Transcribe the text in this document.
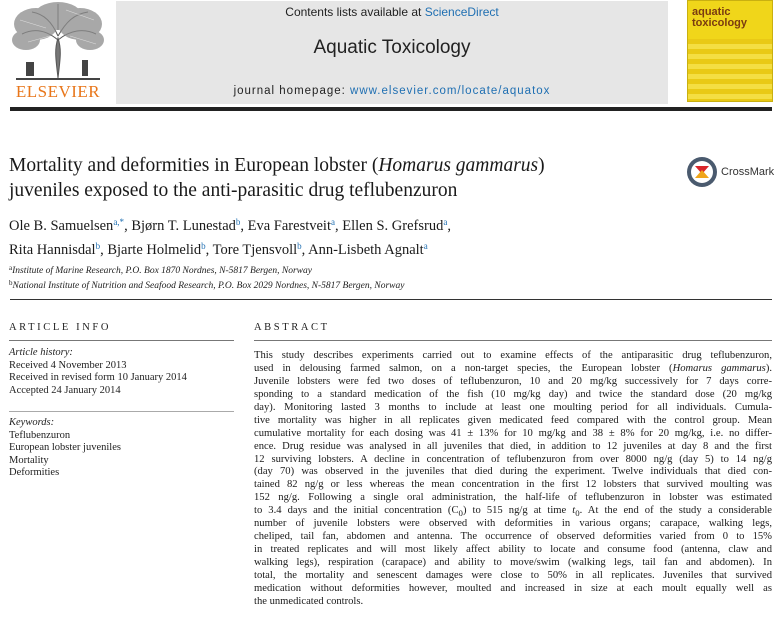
ELSEVIER
Contents lists available at ScienceDirect
Aquatic Toxicology
journal homepage: www.elsevier.com/locate/aquatox
aquatic
toxicology
Mortality and deformities in European lobster (Homarus gammarus)
juveniles exposed to the anti-parasitic drug teflubenzuron
CrossMark
Ole B. Samuelsen$^{a,*}$, Bjørn T. Lunestad$^b$, Eva Farestveit$^a$, Ellen S. Grefsrud$^a$,
Rita Hannisdal$^b$, Bjarte Holmelid$^b$, Tore Tjensvoll$^b$, Ann-Lisbeth Agnalt$^a$
$^a$Institute of Marine Research, P.O. Box 1870 Nordnes, N-5817 Bergen, Norway
$^b$National Institute of Nutrition and Seafood Research, P.O. Box 2029 Nordnes, N-5817 Bergen, Norway
ARTICLE INFO
Article history:
Received 4 November 2013
Received in revised form 10 January 2014
Accepted 24 January 2014
Keywords:
Teflubenzuron
European lobster juveniles
Mortality
Deformities
ABSTRACT
This study describes experiments carried out to examine effects of the antiparasitic drug teflubenzuron,
used in delousing farmed salmon, on a non-target species, the European lobster (Homarus gammarus).
Juvenile lobsters were fed two doses of teflubenzuron, 10 and 20 mg/kg successively for 7 days corre-
sponding to a standard medication of the fish (10 mg/kg day) and twice the standard dose (20 mg/kg
day). Monitoring lasted 3 months to include at least one moulting period for all individuals. Cumula-
tive mortality was higher in all replicates given medicated feed compared with the control group. Mean
cumulative mortality for each dosing was 41 ± 13% for 10 mg/kg and 38 ± 8% for 20 mg/kg, i.e. no differ-
ence. Drug residue was analysed in all juveniles that died, in addition to 12 juveniles at day 8 and the first
12 surviving lobsters. A decline in concentration of teflubenzuron from over 8000 ng/g (day 5) to 14 ng/g
(day 70) was observed in the juveniles that died during the experiment. Twelve individuals that died con-
tained 82 ng/g or less whereas the mean concentration in the first 12 lobsters that survived moulting was
152 ng/g. Following a single oral administration, the half-life of teflubenzuron in lobster was estimated
to 3.4 days and the initial concentration $(C_0)$ to 515 ng/g at time $t_0$. At the end of the study a considerable
number of juvenile lobsters were observed with deformities in various organs; carapace, walking legs,
cheliped, tail fan, abdomen and antenna. The occurrence of observed deformities varied from 0 to 15%
in treated replicates and will most likely affect ability to locate and consume food (antenna, claw and
walking legs), respiration (carapace) and ability to move/swim (walking legs, tail fan and abdomen). In
total, the mortality and senescent damages were close to 50% in all replicates. Juveniles that survived
medication without deformities however, moulted and increased in size at each moult equally well as
the unmedicated controls.
